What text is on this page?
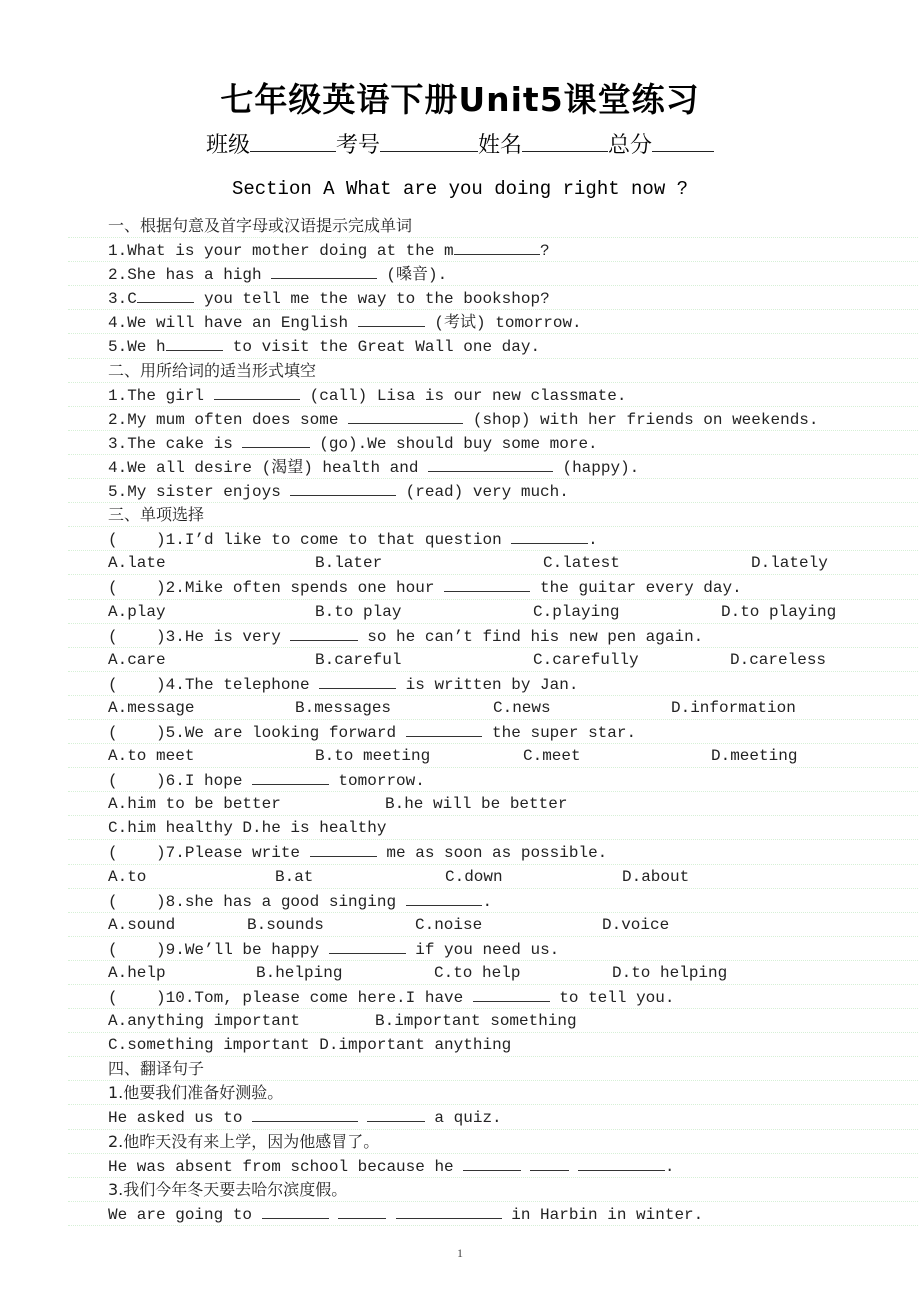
七年级英语下册Unit5课堂练习
班级	考号	姓名	总分
Section A What are you doing right now ?
一、根据句意及首字母或汉语提示完成单词
1.What is your mother doing at the m	?
2.She has a high	(嗓音).
3.C	you tell me the way to the bookshop?
4.We will have an English	(考试) tomorrow.
5.We h	to visit the Great Wall one day.
二、用所给词的适当形式填空
1.The girl	(call) Lisa is our new classmate.
2.My mum often does some	(shop) with her friends on weekends.
3.The cake is	(go).We should buy some more.
4.We all desire (渴望) health and	(happy).
5.My sister enjoys	(read) very much.
三、单项选择
(    )1.I’d like to come to that question	.
A.late	B.later	C.latest	D.lately
(    )2.Mike often spends one hour	the guitar every day.
A.play	B.to play	C.playing	D.to playing
(    )3.He is very	so he can’t find his new pen again.
A.care	B.careful	C.carefully	D.careless
(    )4.The telephone	is written by Jan.
A.message	B.messages	C.news	D.information
(    )5.We are looking forward	the super star.
A.to meet	B.to meeting	C.meet	D.meeting
(    )6.I hope	tomorrow.
A.him to be better	B.he will be better
C.him healthy D.he is healthy
(    )7.Please write	me as soon as possible.
A.to	B.at	C.down	D.about
(    )8.she has a good singing	.
A.sound	B.sounds	C.noise	D.voice
(    )9.We’ll be happy	if you need us.
A.help	B.helping	C.to help	D.to helping
(    )10.Tom, please come here.I have	to tell you.
A.anything important	B.important something
C.something important D.important anything
四、翻译句子
1.他要我们准备好测验。
He asked us to	a quiz.
2.他昨天没有来上学，因为他感冒了。
He was absent from school because he	.
3.我们今年冬天要去哈尔滨度假。
We are going to	in Harbin in winter.
1
